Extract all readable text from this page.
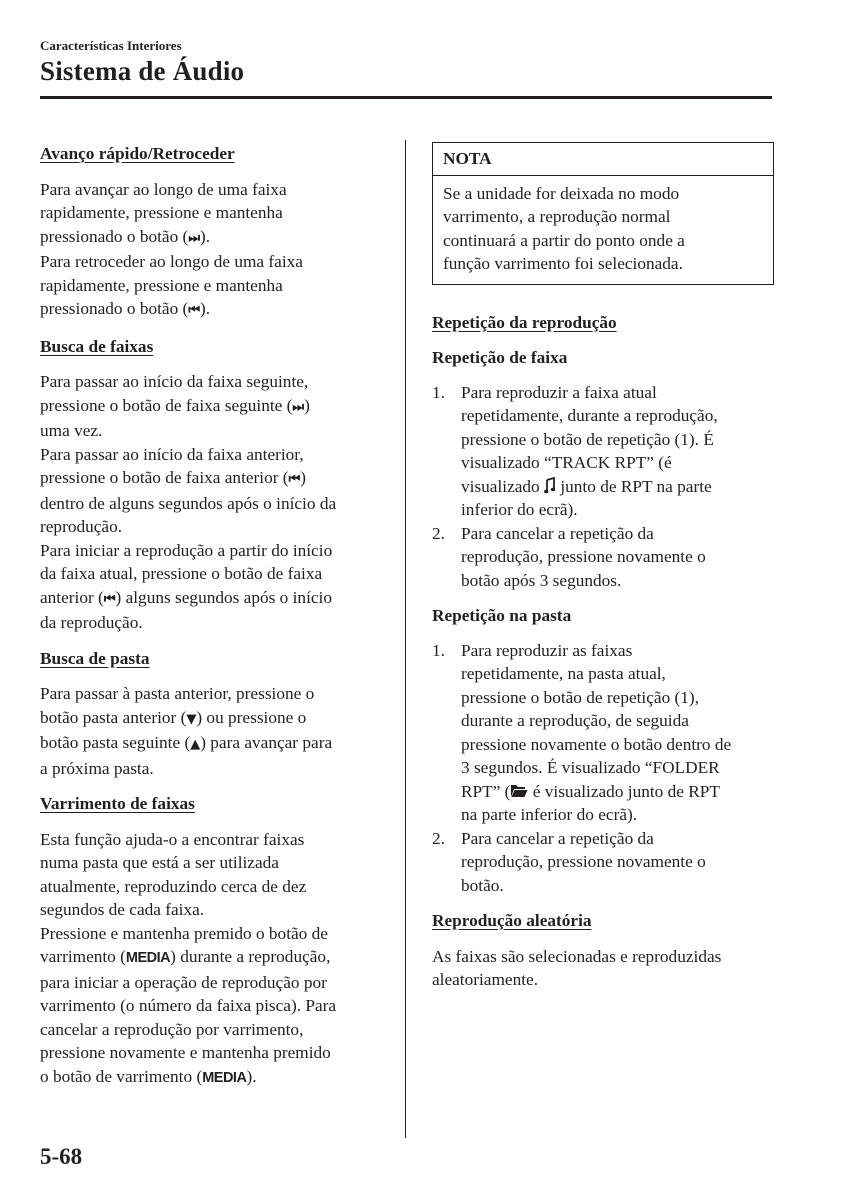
Características Interiores
Sistema de Áudio
Avanço rápido/Retroceder
Para avançar ao longo de uma faixa
rapidamente, pressione e mantenha
pressionado o botão (⏭).
Para retroceder ao longo de uma faixa
rapidamente, pressione e mantenha
pressionado o botão (⏮).
Busca de faixas
Para passar ao início da faixa seguinte,
pressione o botão de faixa seguinte (⏭)
uma vez.
Para passar ao início da faixa anterior,
pressione o botão de faixa anterior (⏮)
dentro de alguns segundos após o início da
reprodução.
Para iniciar a reprodução a partir do início
da faixa atual, pressione o botão de faixa
anterior (⏮) alguns segundos após o início
da reprodução.
Busca de pasta
Para passar à pasta anterior, pressione o
botão pasta anterior (▼) ou pressione o
botão pasta seguinte (▲) para avançar para
a próxima pasta.
Varrimento de faixas
Esta função ajuda-o a encontrar faixas
numa pasta que está a ser utilizada
atualmente, reproduzindo cerca de dez
segundos de cada faixa.
Pressione e mantenha premido o botão de
varrimento (MEDIA) durante a reprodução,
para iniciar a operação de reprodução por
varrimento (o número da faixa pisca). Para
cancelar a reprodução por varrimento,
pressione novamente e mantenha premido
o botão de varrimento (MEDIA).
NOTA
Se a unidade for deixada no modo
varrimento, a reprodução normal
continuará a partir do ponto onde a
função varrimento foi selecionada.
Repetição da reprodução
Repetição de faixa
1. Para reproduzir a faixa atual
repetidamente, durante a reprodução,
pressione o botão de repetição (1). É
visualizado “TRACK RPT” (é
visualizado  junto de RPT na parte
inferior do ecrã).
2. Para cancelar a repetição da
reprodução, pressione novamente o
botão após 3 segundos.
Repetição na pasta
1. Para reproduzir as faixas
repetidamente, na pasta atual,
pressione o botão de repetição (1),
durante a reprodução, de seguida
pressione novamente o botão dentro de
3 segundos. É visualizado “FOLDER
RPT” ( é visualizado junto de RPT
na parte inferior do ecrã).
2. Para cancelar a repetição da
reprodução, pressione novamente o
botão.
Reprodução aleatória
As faixas são selecionadas e reproduzidas
aleatoriamente.
5-68
